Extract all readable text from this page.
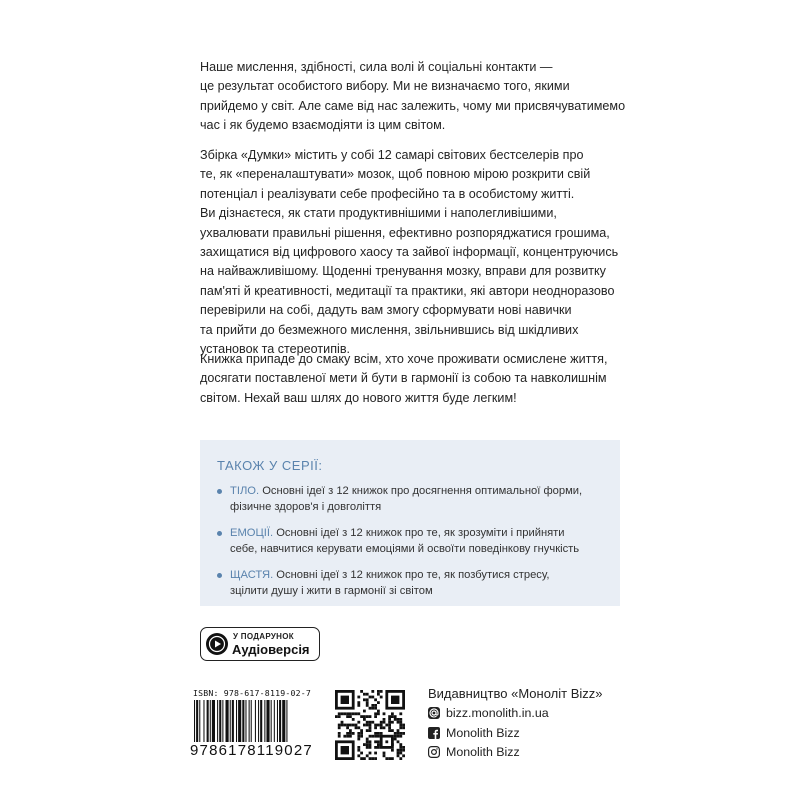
Наше мислення, здібності, сила волі й соціальні контакти —
це результат особистого вибору. Ми не визначаємо того, якими
прийдемо у світ. Але саме від нас залежить, чому ми присвячуватимемо
час і як будемо взаємодіяти із цим світом.
Збірка «Думки» містить у собі 12 самарі світових бестселерів про
те, як «переналаштувати» мозок, щоб повною мірою розкрити свій
потенціал і реалізувати себе професійно та в особистому житті.
Ви дізнаєтеся, як стати продуктивнішими і наполегливішими,
ухвалювати правильні рішення, ефективно розпоряджатися грошима,
захищатися від цифрового хаосу та зайвої інформації, концентруючись
на найважливішому. Щоденні тренування мозку, вправи для розвитку
пам'яті й креативності, медитації та практики, які автори неодноразово
перевірили на собі, дадуть вам змогу сформувати нові навички
та прийти до безмежного мислення, звільнившись від шкідливих
установок та стереотипів.
Книжка припаде до смаку всім, хто хоче проживати осмислене життя,
досягати поставленої мети й бути в гармонії із собою та навколишнім
світом. Нехай ваш шлях до нового життя буде легким!
ТАКОЖ У СЕРІЇ:
ТІЛО. Основні ідеї з 12 книжок про досягнення оптимальної форми,
фізичне здоров'я і довголіття
ЕМОЦІЇ. Основні ідеї з 12 книжок про те, як зрозуміти і прийняти
себе, навчитися керувати емоціями й освоїти поведінкову гнучкість
ЩАСТЯ. Основні ідеї з 12 книжок про те, як позбутися стресу,
зцілити душу і жити в гармонії зі світом
У ПОДАРУНОК
Аудіоверсія
ISBN: 978-617-8119-02-7
9786178119027
Видавництво «Моноліт Bizz»
bizz.monolith.in.ua
Monolith Bizz
Monolith Bizz
